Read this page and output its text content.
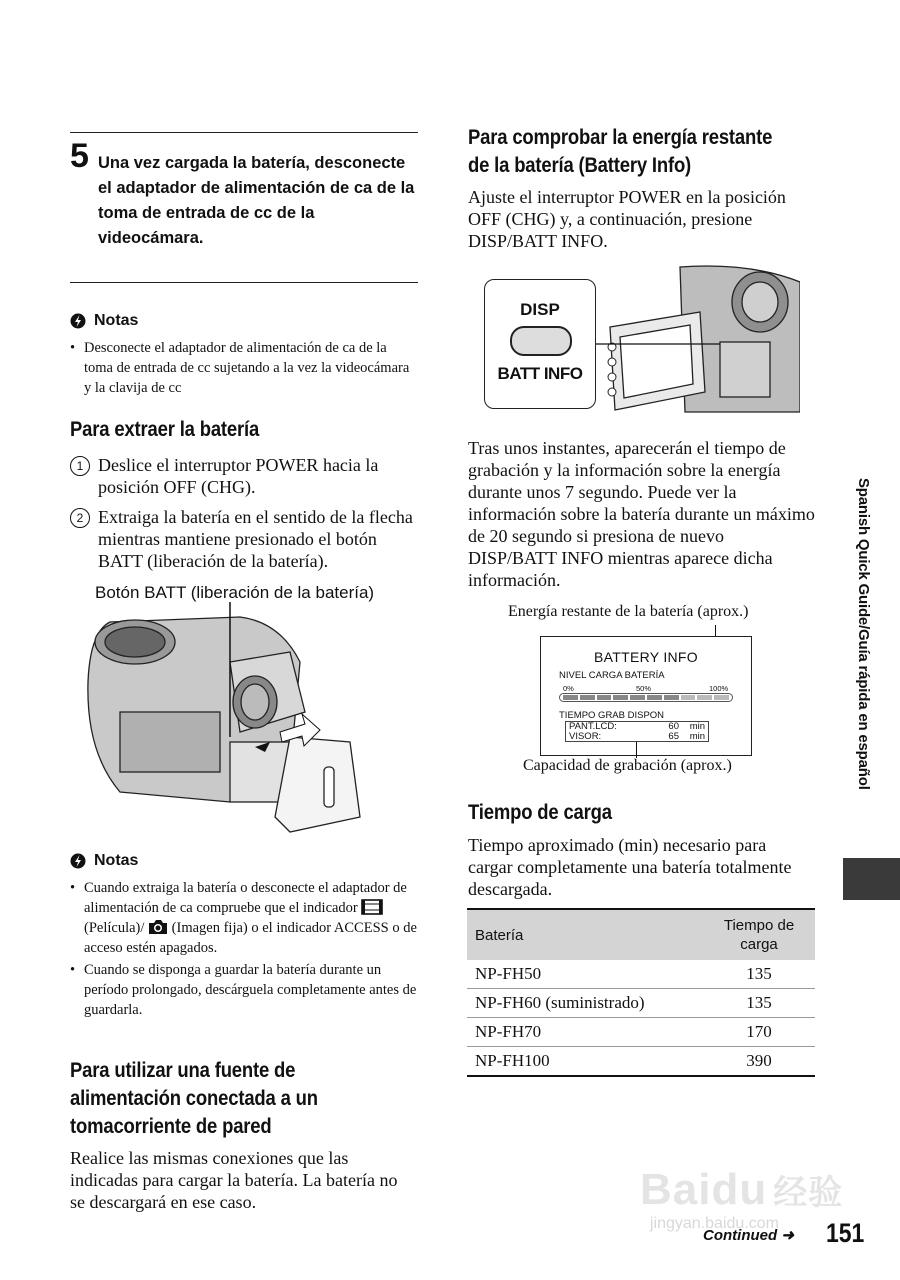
5 Una vez cargada la batería, desconecte el adaptador de alimentación de ca de la toma de entrada de cc de la videocámara.
Notas
• Desconecte el adaptador de alimentación de ca de la toma de entrada de cc sujetando a la vez la videocámara y la clavija de cc
Para extraer la batería
1 Deslice el interruptor POWER hacia la posición OFF (CHG).
2 Extraiga la batería en el sentido de la flecha mientras mantiene presionado el botón BATT (liberación de la batería).
Botón BATT (liberación de la batería)
Notas
• Cuando extraiga la batería o desconecte el adaptador de alimentación de ca compruebe que el indicador  (Película)/ (Imagen fija) o el indicador ACCESS o de acceso estén apagados.
• Cuando se disponga a guardar la batería durante un período prolongado, descárguela completamente antes de guardarla.
Para utilizar una fuente de
alimentación conectada a un
tomacorriente de pared
Realice las mismas conexiones que las indicadas para cargar la batería. La batería no se descargará en ese caso.
Para comprobar la energía restante
de la batería (Battery Info)
Ajuste el interruptor POWER en la posición OFF (CHG) y, a continuación, presione DISP/BATT INFO.
DISP
BATT INFO
Tras unos instantes, aparecerán el tiempo de grabación y la información sobre la energía durante unos 7 segundo. Puede ver la información sobre la batería durante un máximo de 20 segundo si presiona de nuevo DISP/BATT INFO mientras aparece dicha información.
Energía restante de la batería (aprox.)
BATTERY INFO
NIVEL CARGA BATERÍA
0%	50%	100%
TIEMPO GRAB DISPON
PANT.LCD:	60	min
VISOR:	65	min
Capacidad de grabación (aprox.)
Tiempo de carga
Tiempo aproximado (min) necesario para cargar completamente una batería totalmente descargada.
Batería	Tiempo de carga
NP-FH50	135
NP-FH60 (suministrado)	135
NP-FH70	170
NP-FH100	390
Spanish Quick Guide/Guía rápida en español
Baidu 经验
jingyan.baidu.com
Continued ➜ 151
